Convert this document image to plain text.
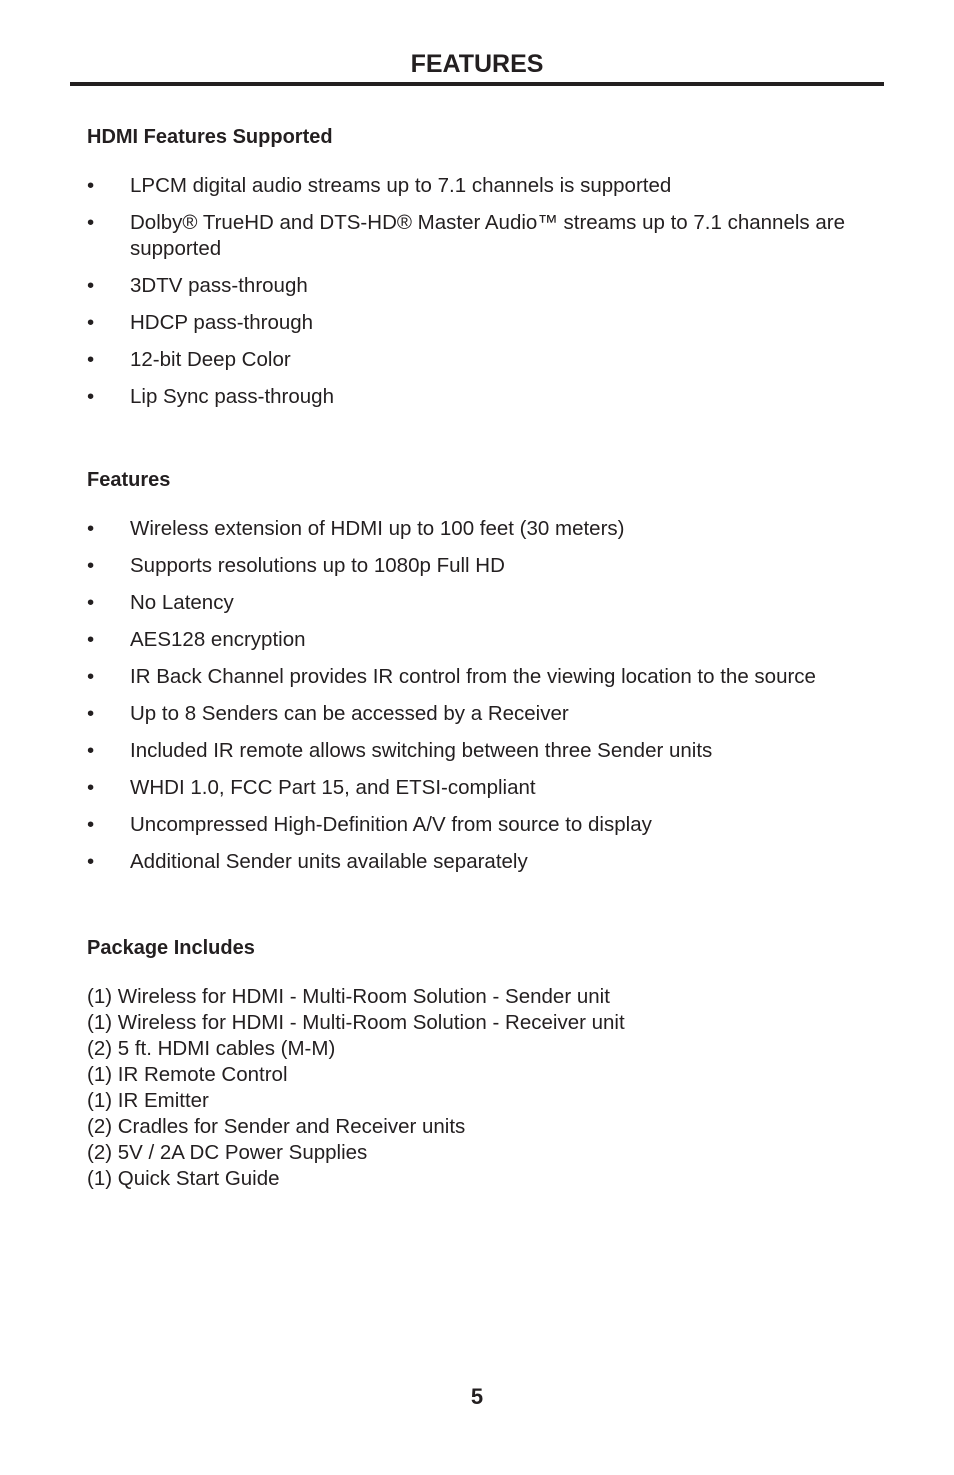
FEATURES
HDMI Features Supported
•	LPCM digital audio streams up to 7.1 channels is supported
•	Dolby® TrueHD and DTS-HD® Master Audio™ streams up to 7.1 channels are supported
•	3DTV pass-through
•	HDCP pass-through
•	12-bit Deep Color
•	Lip Sync pass-through
Features
•	Wireless extension of HDMI up to 100 feet (30 meters)
•	Supports resolutions up to 1080p Full HD
•	No Latency
•	AES128 encryption
•	IR Back Channel provides IR control from the viewing location to the source
•	Up to 8 Senders can be accessed by a Receiver
•	Included IR remote allows switching between three Sender units
•	WHDI 1.0, FCC Part 15, and ETSI-compliant
•	Uncompressed High-Definition A/V from source to display
•	Additional Sender units available separately
Package Includes
(1) Wireless for HDMI - Multi-Room Solution - Sender unit
(1) Wireless for HDMI - Multi-Room Solution - Receiver unit
(2) 5 ft. HDMI cables (M-M)
(1) IR Remote Control
(1) IR Emitter
(2) Cradles for Sender and Receiver units
(2) 5V / 2A DC Power Supplies
(1) Quick Start Guide
5
